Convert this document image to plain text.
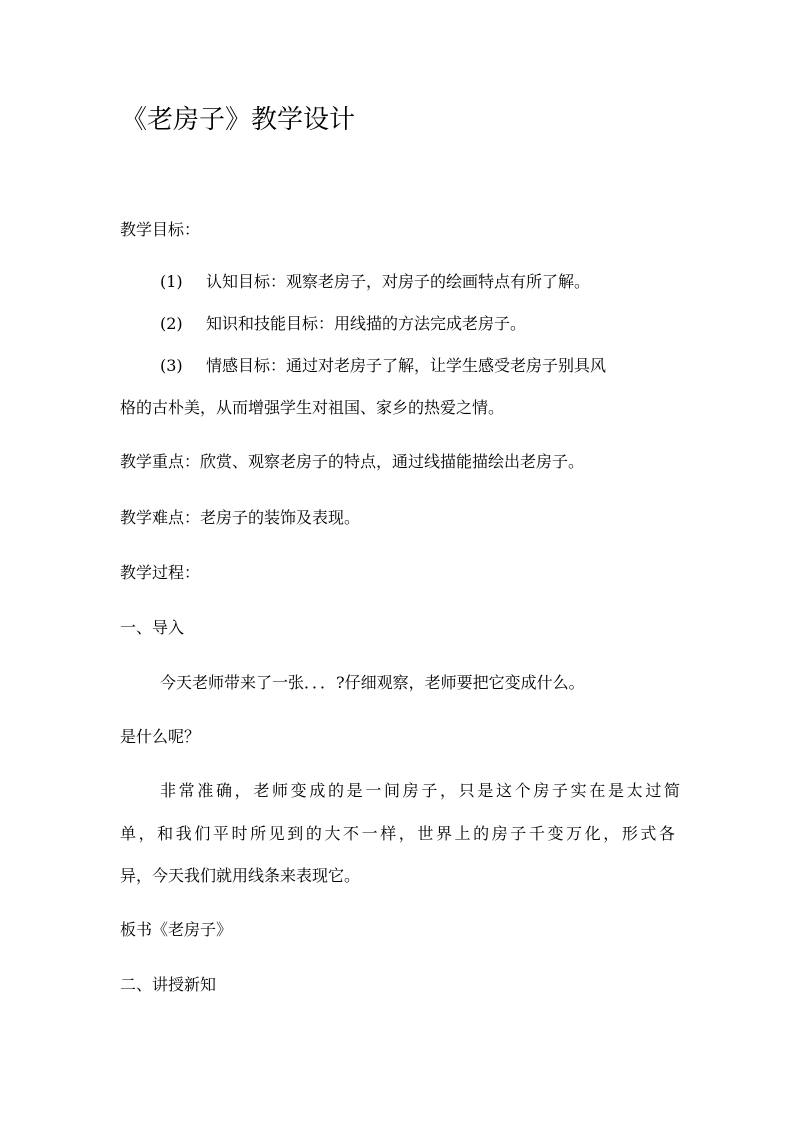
《老房子》教学设计
教学目标：
(1) 认知目标：观察老房子，对房子的绘画特点有所了解。
(2) 知识和技能目标：用线描的方法完成老房子。
(3) 情感目标：通过对老房子了解，让学生感受老房子别具风
格的古朴美，从而增强学生对祖国、家乡的热爱之情。
教学重点：欣赏、观察老房子的特点，通过线描能描绘出老房子。
教学难点：老房子的装饰及表现。
教学过程：
一、导入
今天老师带来了一张．．．?仔细观察，老师要把它变成什么。
是什么呢？
非常准确，老师变成的是一间房子，只是这个房子实在是太过简
单，和我们平时所见到的大不一样，世界上的房子千变万化，形式各
异，今天我们就用线条来表现它。
板书《老房子》
二、讲授新知
